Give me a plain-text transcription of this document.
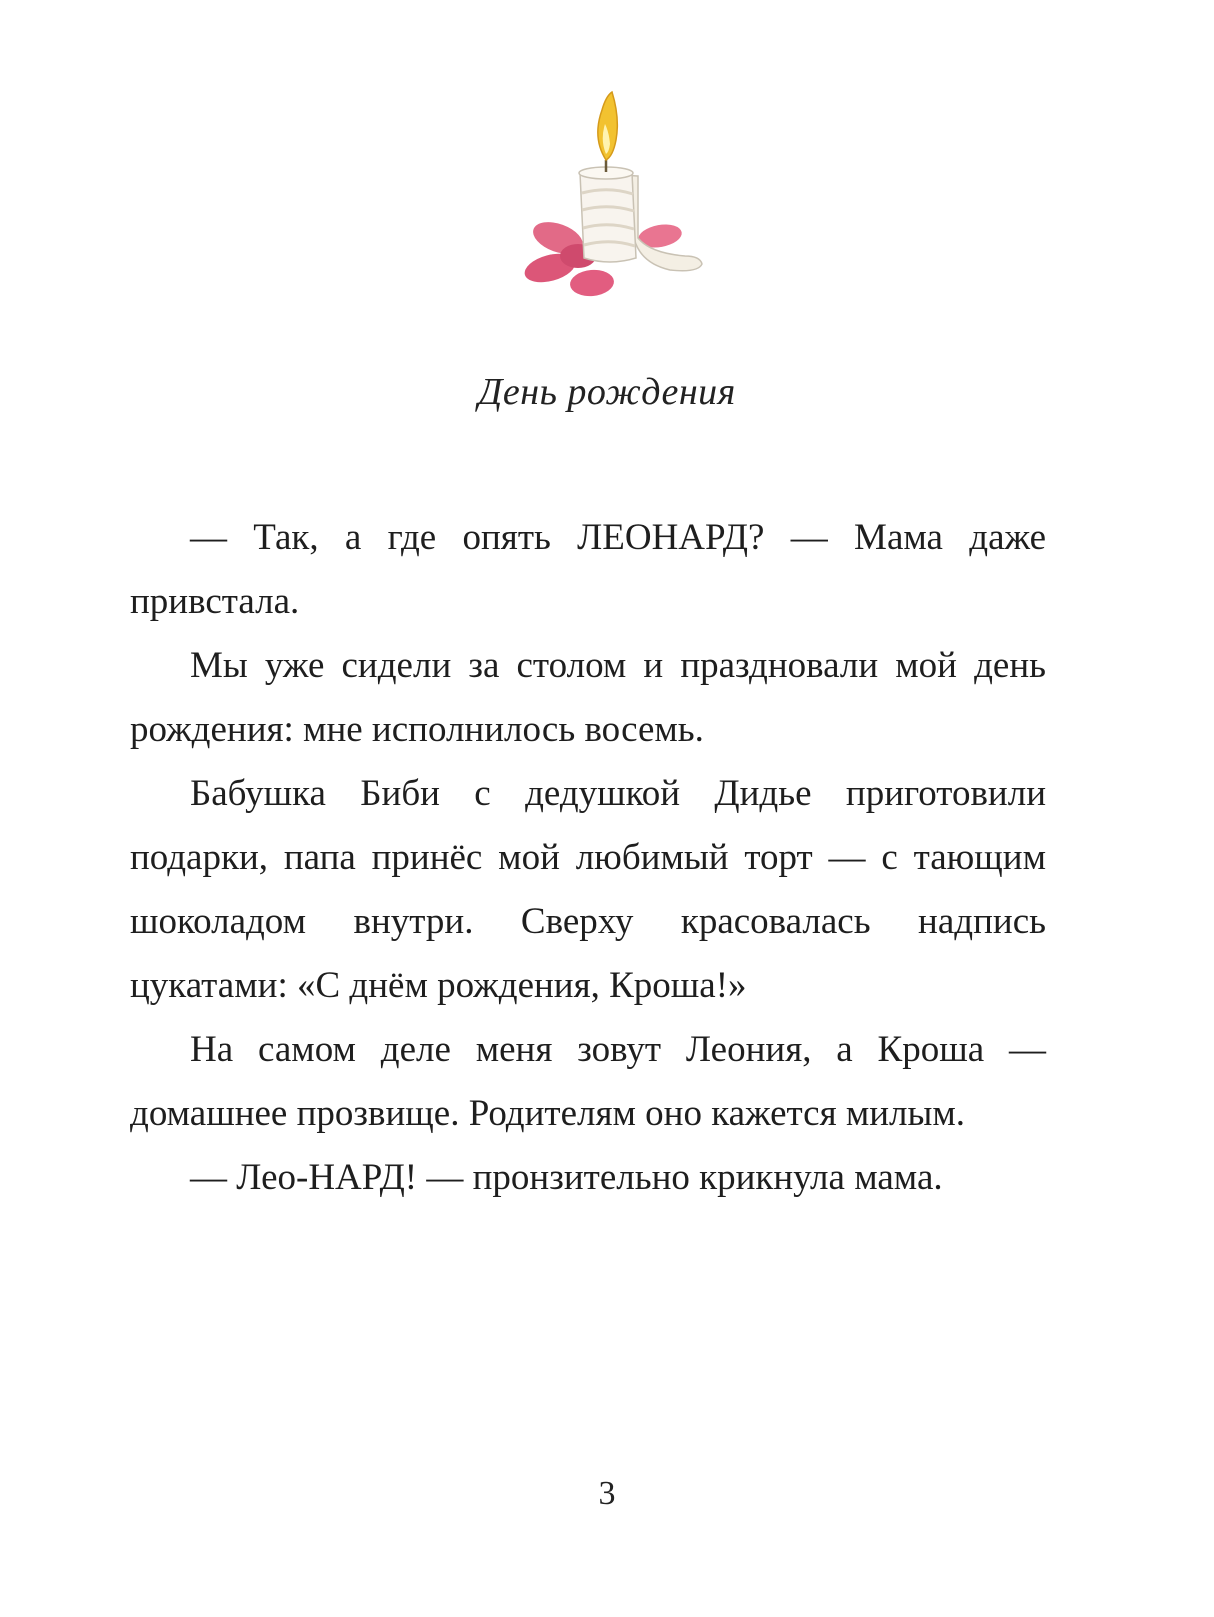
День рождения

— Так, а где опять ЛЕОНАРД? — Мама даже привстала.

Мы уже сидели за столом и праздновали мой день рождения: мне исполнилось восемь.

Бабушка Биби с дедушкой Дидье приготовили подарки, папа принёс мой любимый торт — с тающим шоколадом внутри. Сверху красовалась надпись цукатами: «С днём рождения, Кроша!»

На самом деле меня зовут Леония, а Кроша — домашнее прозвище. Родителям оно кажется милым.

— Лео-НАРД! — пронзительно крикнула мама.

3
